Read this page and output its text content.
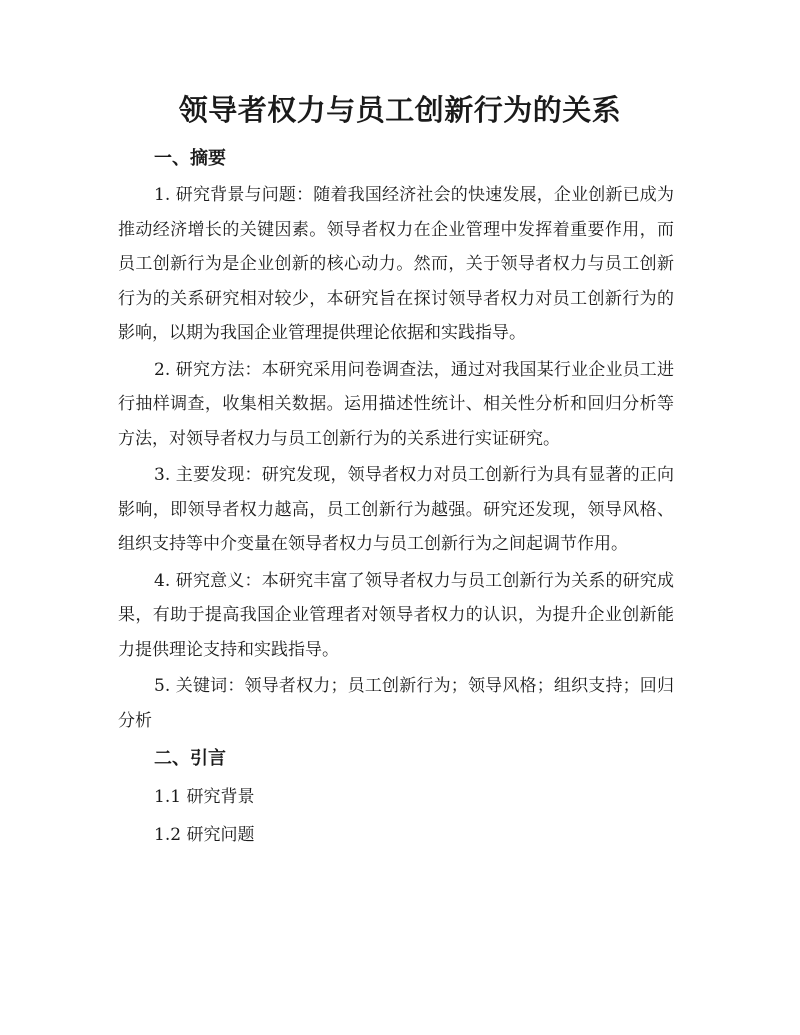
领导者权力与员工创新行为的关系
一、摘要

1. 研究背景与问题：随着我国经济社会的快速发展，企业创新已成为推动经济增长的关键因素。领导者权力在企业管理中发挥着重要作用，而员工创新行为是企业创新的核心动力。然而，关于领导者权力与员工创新行为的关系研究相对较少，本研究旨在探讨领导者权力对员工创新行为的影响，以期为我国企业管理提供理论依据和实践指导。

2. 研究方法：本研究采用问卷调查法，通过对我国某行业企业员工进行抽样调查，收集相关数据。运用描述性统计、相关性分析和回归分析等方法，对领导者权力与员工创新行为的关系进行实证研究。

3. 主要发现：研究发现，领导者权力对员工创新行为具有显著的正向影响，即领导者权力越高，员工创新行为越强。研究还发现，领导风格、组织支持等中介变量在领导者权力与员工创新行为之间起调节作用。

4. 研究意义：本研究丰富了领导者权力与员工创新行为关系的研究成果，有助于提高我国企业管理者对领导者权力的认识，为提升企业创新能力提供理论支持和实践指导。

5. 关键词：领导者权力；员工创新行为；领导风格；组织支持；回归分析

二、引言
1.1 研究背景
1.2 研究问题
